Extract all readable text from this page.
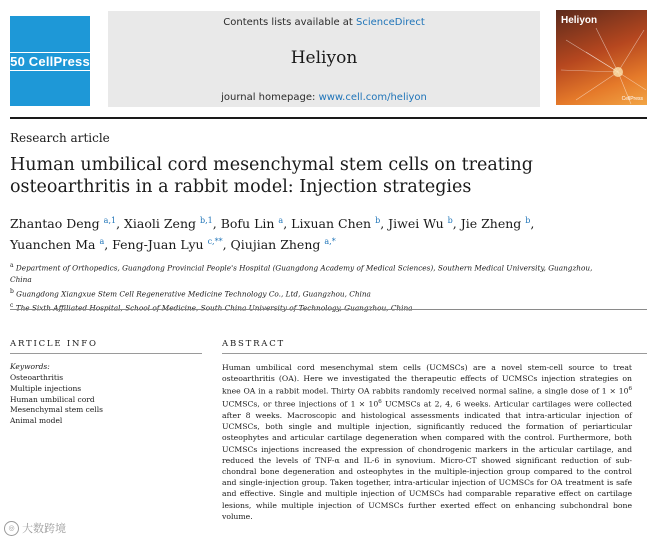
50 CellPress
Contents lists available at ScienceDirect
Heliyon
journal homepage: www.cell.com/heliyon
Heliyon
CellPress
Research article
Human umbilical cord mesenchymal stem cells on treating osteoarthritis in a rabbit model: Injection strategies
Zhantao Deng $^{a,1}$, Xiaoli Zeng $^{b,1}$, Bofu Lin $^a$, Lixuan Chen $^b$, Jiwei Wu $^b$, Jie Zheng $^b$,
Yuanchen Ma $^a$, Feng-Juan Lyu $^{c,**}$, Qiujian Zheng $^{a,*}$
$^a$ Department of Orthopedics, Guangdong Provincial People's Hospital (Guangdong Academy of Medical Sciences), Southern Medical University, Guangzhou, China
$^b$ Guangdong Xiangxue Stem Cell Regenerative Medicine Technology Co., Ltd, Guangzhou, China
$^c$
ARTICLE INFO
Keywords:
Osteoarthritis
Multiple injections
Human umbilical cord
Mesenchymal stem cells
Animal model
ABSTRACT
Human umbilical cord mesenchymal stem cells (UCMSCs) are a novel stem-cell source to treat osteoarthritis (OA). Here we investigated the therapeutic effects of UCMSCs injection strategies on knee OA in a rabbit model. Thirty OA rabbits randomly received normal saline, a single dose of $1 \times 10^6$ UCMSCs, or three injections of $1 \times 10^6$ UCMSCs at 2, 4, 6 weeks. Articular cartilages were collected after 8 weeks. Macroscopic and histological assessments indicated that intra-articular injection of UCMSCs, both single and multiple injection, significantly reduced the formation of periarticular osteophytes and articular cartilage degeneration when compared with the control. Furthermore, both UCMSCs injections increased the expression of chondrogenic markers in the articular cartilage, and reduced the levels of TNF-α and IL-6 in synovium. Micro-CT showed significant reduction of sub-chondral bone degeneration and osteophytes in the multiple-injection group compared to the control and single-injection group. Taken together, intra-articular injection of UCMSCs for OA treatment is safe and effective. Single and multiple injection of UCMSCs had comparable reparative effect on cartilage lesions, while multiple injection of UCMSCs further exerted effect on enhancing subchondral bone volume.
◎ 大数跨境
